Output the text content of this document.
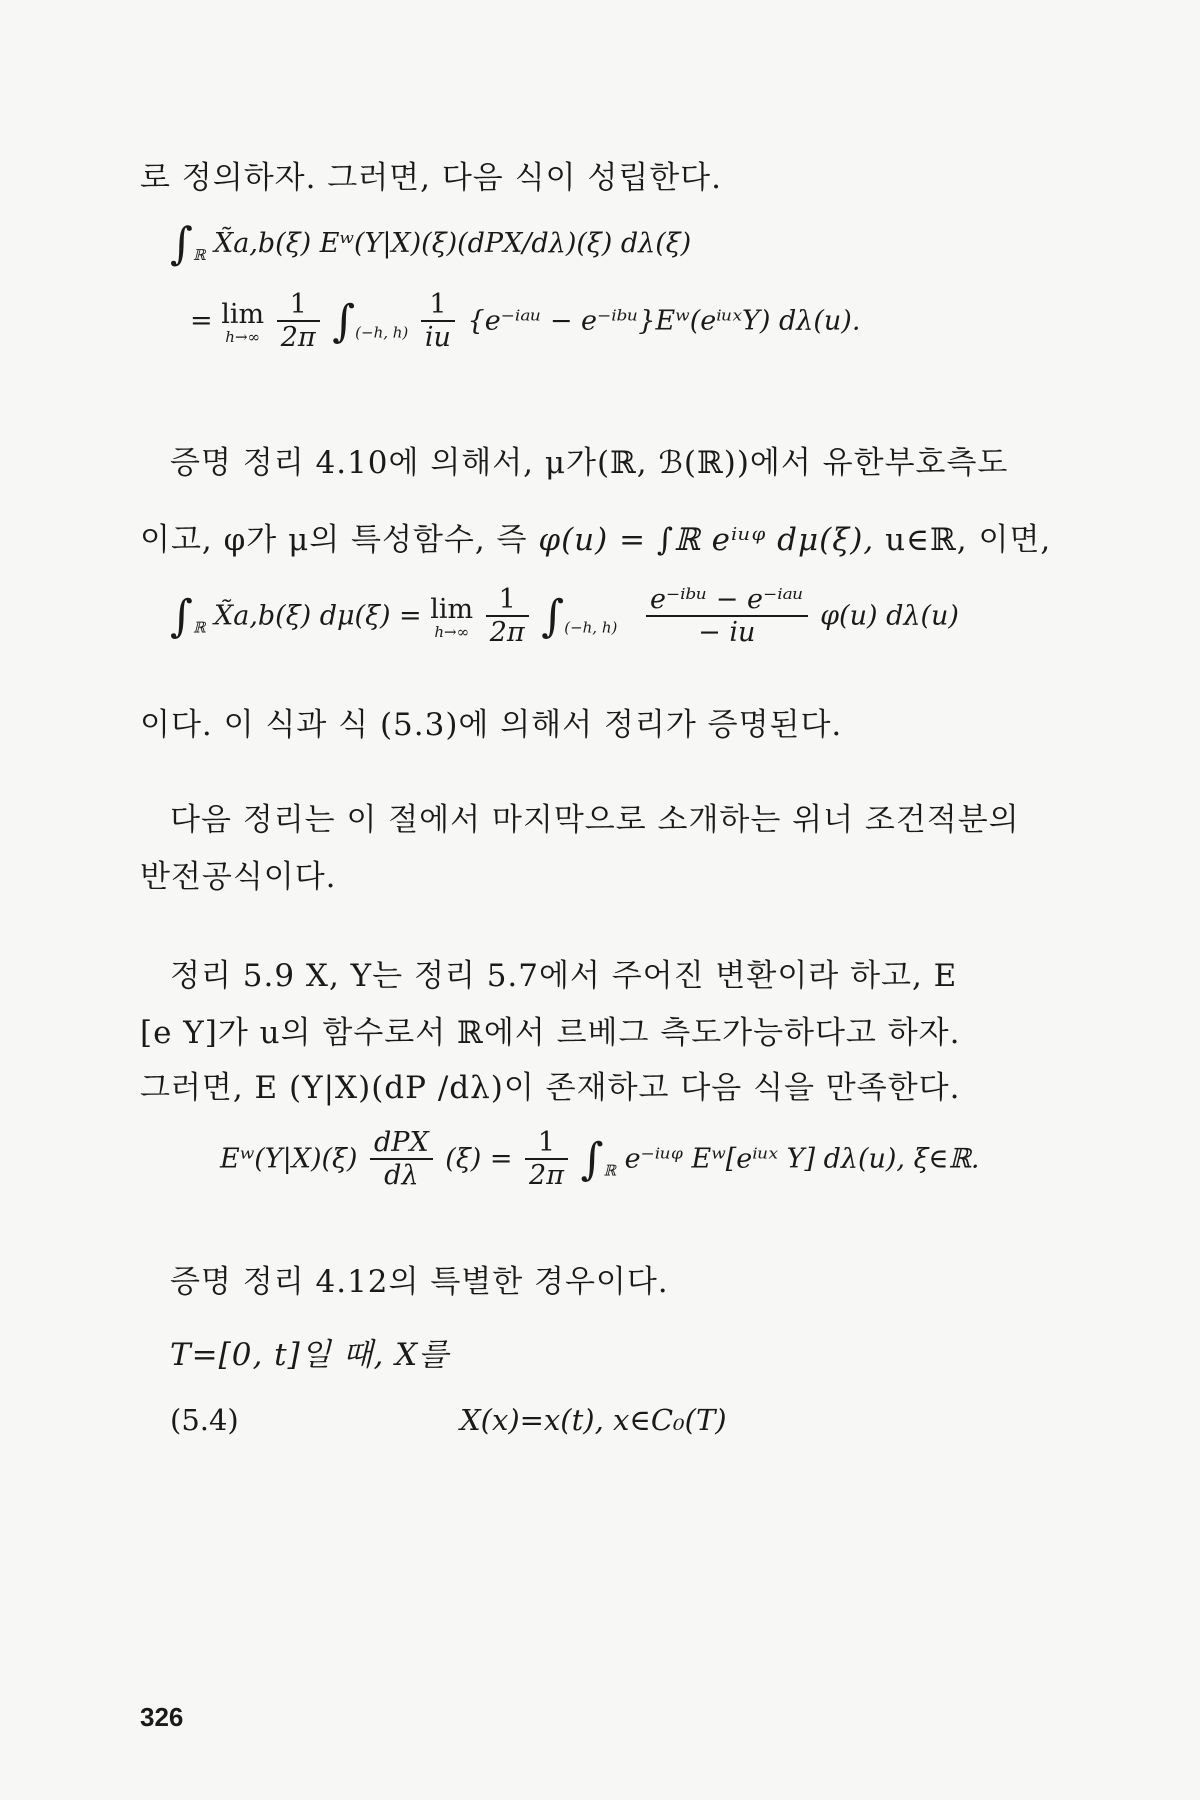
로 정의하자. 그러면, 다음 식이 성립한다.
$\int_ℝ$ X̃a,b(ξ) Eʷ(Y|X)(ξ)(dPX/dλ)(ξ) dλ(ξ)
= lim
h→∞
$\frac{1}{2\pi} \int_{(-h, h)} \frac{1}{iu}$ {e⁻ⁱᵃᵘ − e⁻ⁱᵇᵘ}Eʷ(eⁱᵘˣY) dλ(u).
증명 정리 4.10에 의해서, μ가(ℝ, ℬ(ℝ))에서 유한부호측도
이고, φ가 μ의 특성함수, 즉 φ(u) = ∫ℝ eⁱᵘᵠ dμ(ξ), u∈ℝ, 이면,
$\int_ℝ$ X̃a,b(ξ) dμ(ξ) = lim
h→∞
$\frac{1}{2\pi} \int_{(-h, h)} \frac{\text{e⁻ⁱᵇᵘ − e⁻ⁱᵃᵘ}}{- iu} \varphi(u)$ dλ(u)
이다. 이 식과 식 (5.3)에 의해서 정리가 증명된다.
다음 정리는 이 절에서 마지막으로 소개하는 위너 조건적분의
반전공식이다.
정리 5.9 X, Y는 정리 5.7에서 주어진 변환이라 하고, E
[e Y]가 u의 함수로서 ℝ에서 르베그 측도가능하다고 하자.
그러면, E (Y|X)(dP /dλ)이 존재하고 다음 식을 만족한다.
Eʷ(Y|X)(ξ) $\frac{\text{dPX}}{d\lambda} (\xi) = \frac{1}{2\pi} \int_ℝ$ e⁻ⁱᵘᵠ Eʷ[eⁱᵘˣ Y] dλ(u), ξ∈ℝ.
증명 정리 4.12의 특별한 경우이다.
T=[0, t]일 때, X를
(5.4)	X(x)=x(t), x∈C₀(T)
326
